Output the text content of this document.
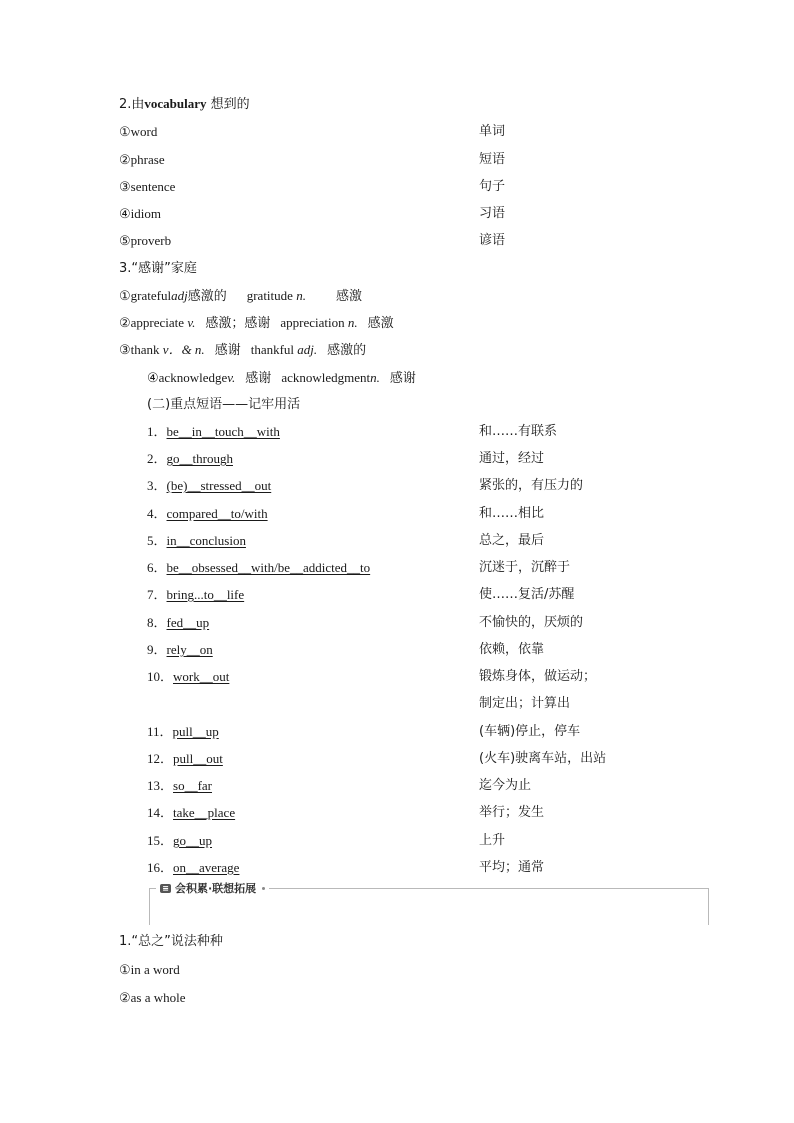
2.由vocabulary 想到的
①word	单词
②phrase	短语
③sentence	句子
④idiom	习语
⑤proverb	谚语
3.“感谢”家庭
①gratefuladj感激的 gratitude n. 感激
②appreciate v. 感激；感谢 appreciation n. 感激
③thank v．& n. 感谢 thankful adj. 感激的
④acknowledgev. 感谢 acknowledgmentn. 感谢
(二)重点短语——记牢用活
1．be__in__touch__with	和……有联系
2．go__through	通过，经过
3．(be)__stressed__out	紧张的，有压力的
4．compared__to/with	和……相比
5．in__conclusion	总之，最后
6．be__obsessed__with/be__addicted__to	沉迷于，沉醉于
7．bring...to__life	使……复活/苏醒
8．fed__up	不愉快的，厌烦的
9．rely__on	依赖，依靠
10．work__out	锻炼身体，做运动；
制定出；计算出
11．pull__up	(车辆)停止，停车
12．pull__out	(火车)驶离车站，出站
13．so__far	迄今为止
14．take__place	举行；发生
15．go__up	上升
16．on__average	平均；通常
≡ 会积累·联想拓展
1.“总之”说法种种
①in a word
②as a whole
